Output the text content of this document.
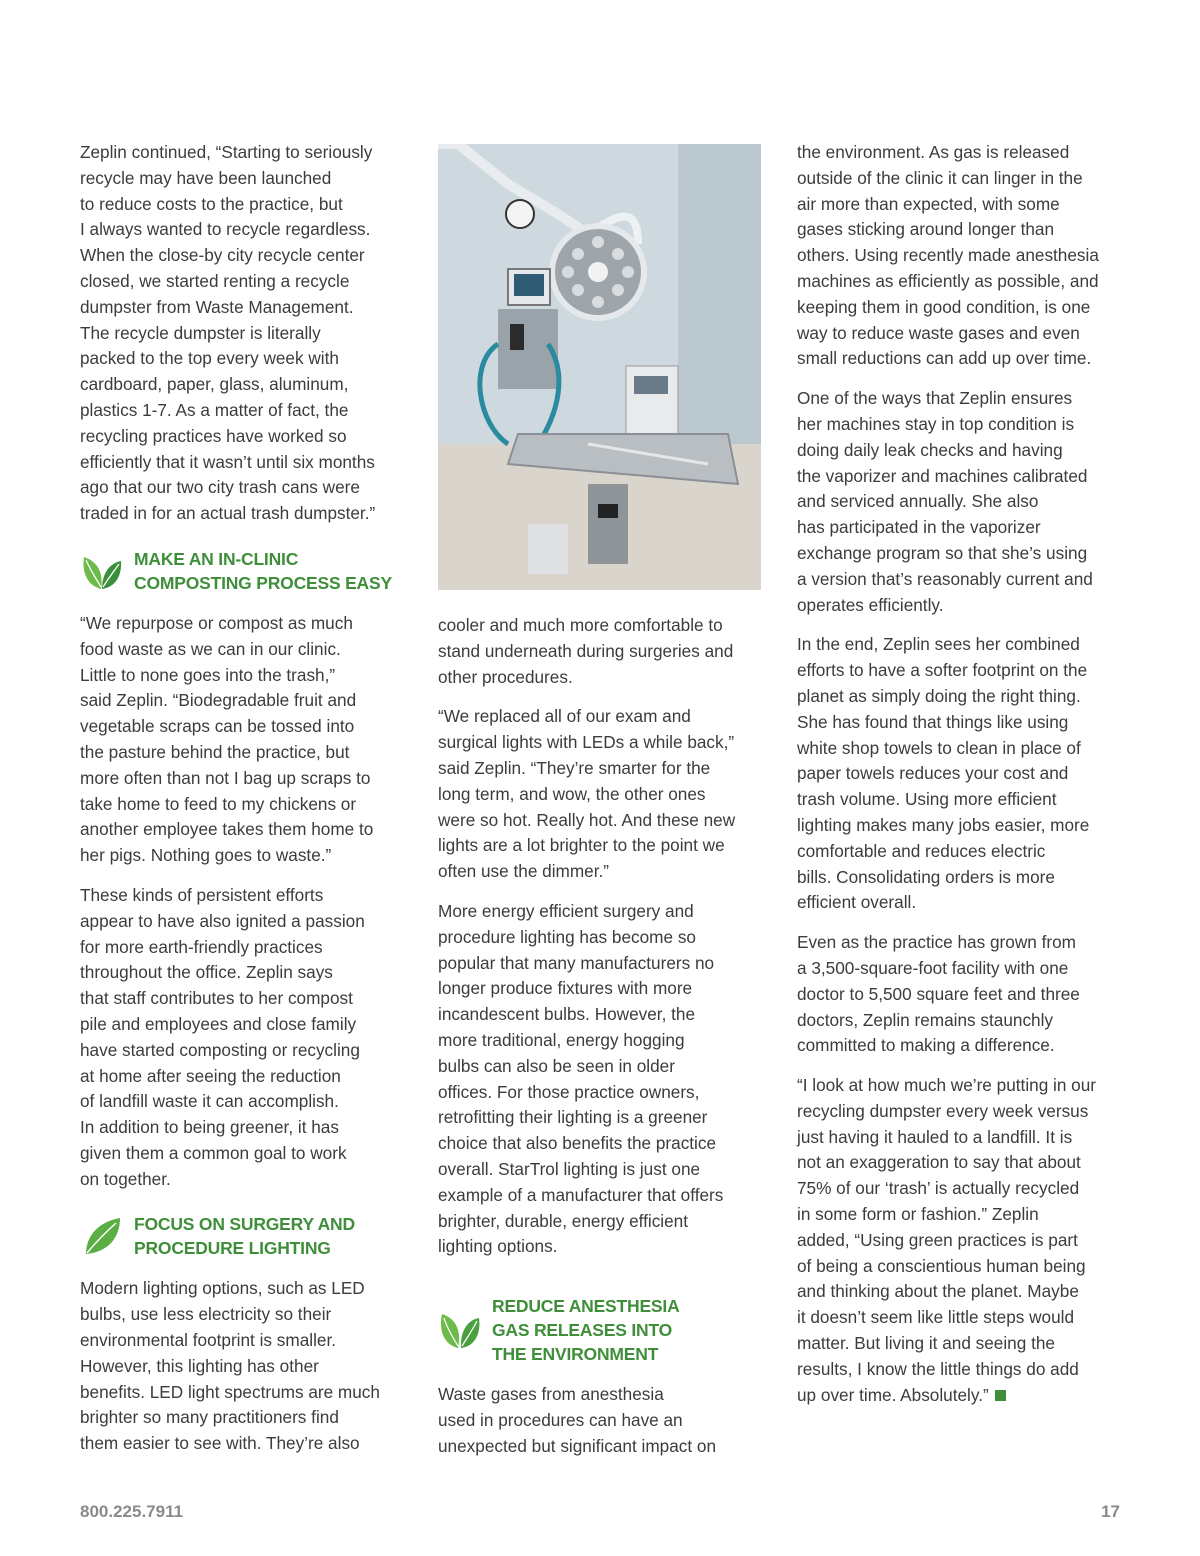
Zeplin continued, “Starting to seriously
recycle may have been launched
to reduce costs to the practice, but
I always wanted to recycle regardless.
When the close-by city recycle center
closed, we started renting a recycle
dumpster from Waste Management.
The recycle dumpster is literally
packed to the top every week with
cardboard, paper, glass, aluminum,
plastics 1-7. As a matter of fact, the
recycling practices have worked so
efficiently that it wasn’t until six months
ago that our two city trash cans were
traded in for an actual trash dumpster.”

MAKE AN IN-CLINIC
COMPOSTING PROCESS EASY

“We repurpose or compost as much
food waste as we can in our clinic.
Little to none goes into the trash,”
said Zeplin. “Biodegradable fruit and
vegetable scraps can be tossed into
the pasture behind the practice, but
more often than not I bag up scraps to
take home to feed to my chickens or
another employee takes them home to
her pigs. Nothing goes to waste.”

These kinds of persistent efforts
appear to have also ignited a passion
for more earth-friendly practices
throughout the office. Zeplin says
that staff contributes to her compost
pile and employees and close family
have started composting or recycling
at home after seeing the reduction
of landfill waste it can accomplish.
In addition to being greener, it has
given them a common goal to work
on together.

FOCUS ON SURGERY AND
PROCEDURE LIGHTING

Modern lighting options, such as LED
bulbs, use less electricity so their
environmental footprint is smaller.
However, this lighting has other
benefits. LED light spectrums are much
brighter so many practitioners find
them easier to see with. They’re also

cooler and much more comfortable to
stand underneath during surgeries and
other procedures.

“We replaced all of our exam and
surgical lights with LEDs a while back,”
said Zeplin. “They’re smarter for the
long term, and wow, the other ones
were so hot. Really hot. And these new
lights are a lot brighter to the point we
often use the dimmer.”

More energy efficient surgery and
procedure lighting has become so
popular that many manufacturers no
longer produce fixtures with more
incandescent bulbs. However, the
more traditional, energy hogging
bulbs can also be seen in older
offices. For those practice owners,
retrofitting their lighting is a greener
choice that also benefits the practice
overall. StarTrol lighting is just one
example of a manufacturer that offers
brighter, durable, energy efficient
lighting options.

REDUCE ANESTHESIA
GAS RELEASES INTO
THE ENVIRONMENT

Waste gases from anesthesia
used in procedures can have an
unexpected but significant impact on

the environment. As gas is released
outside of the clinic it can linger in the
air more than expected, with some
gases sticking around longer than
others. Using recently made anesthesia
machines as efficiently as possible, and
keeping them in good condition, is one
way to reduce waste gases and even
small reductions can add up over time.

One of the ways that Zeplin ensures
her machines stay in top condition is
doing daily leak checks and having
the vaporizer and machines calibrated
and serviced annually. She also
has participated in the vaporizer
exchange program so that she’s using
a version that’s reasonably current and
operates efficiently.

In the end, Zeplin sees her combined
efforts to have a softer footprint on the
planet as simply doing the right thing.
She has found that things like using
white shop towels to clean in place of
paper towels reduces your cost and
trash volume. Using more efficient
lighting makes many jobs easier, more
comfortable and reduces electric
bills. Consolidating orders is more
efficient overall.

Even as the practice has grown from
a 3,500-square-foot facility with one
doctor to 5,500 square feet and three
doctors, Zeplin remains staunchly
committed to making a difference.

“I look at how much we’re putting in our
recycling dumpster every week versus
just having it hauled to a landfill. It is
not an exaggeration to say that about
75% of our ‘trash’ is actually recycled
in some form or fashion.” Zeplin
added, “Using green practices is part
of being a conscientious human being
and thinking about the planet. Maybe
it doesn’t seem like little steps would
matter. But living it and seeing the
results, I know the little things do add
up over time. Absolutely.”

800.225.7911	17
